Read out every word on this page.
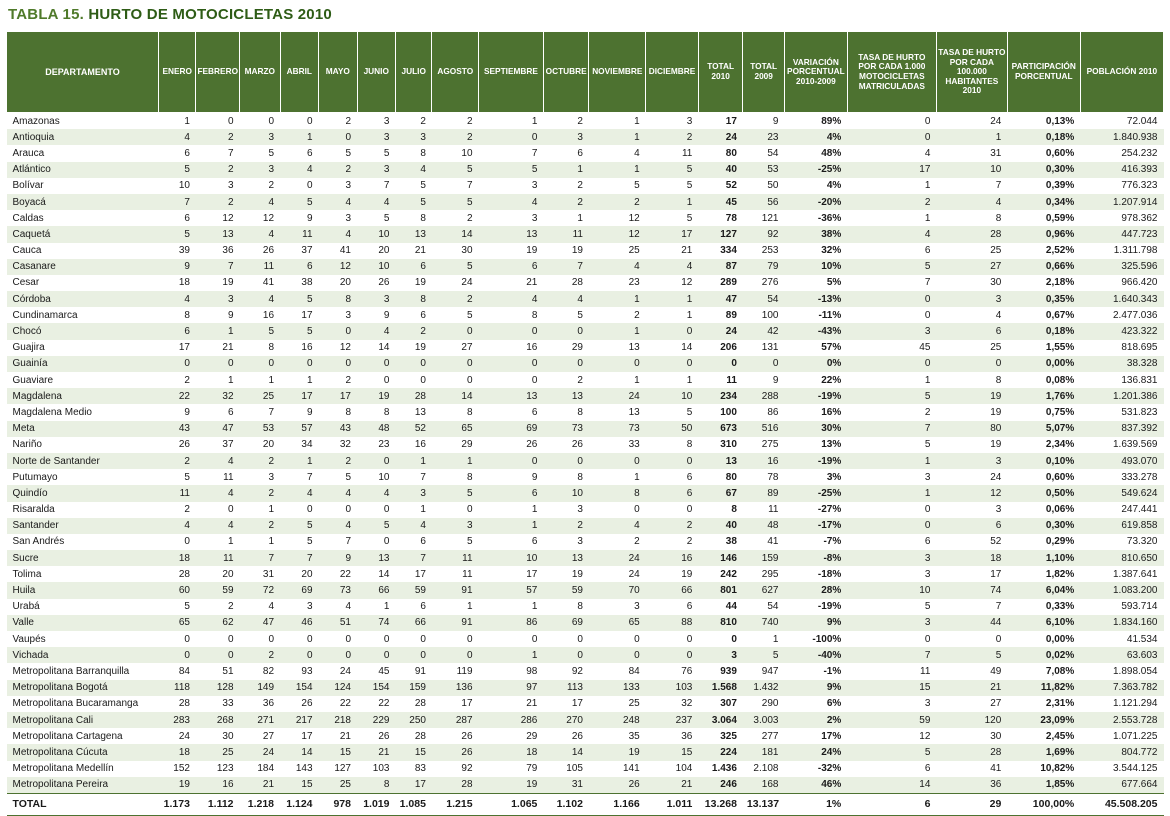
TABLA 15. HURTO DE MOTOCICLETAS 2010
DEPARTAMENTO	ENERO	FEBRERO	MARZO	ABRIL	MAYO	JUNIO	JULIO	AGOSTO	SEPTIEMBRE	OCTUBRE	NOVIEMBRE	DICIEMBRE	TOTAL 2010	TOTAL 2009	VARIACIÓN PORCENTUAL 2010-2009	TASA DE HURTO POR CADA 1.000 MOTOCICLETAS MATRICULADAS	TASA DE HURTO POR CADA 100.000 HABITANTES 2010	PARTICIPACIÓN PORCENTUAL	POBLACIÓN 2010
Amazonas	1	0	0	0	2	3	2	2	1	2	1	3	17	9	89%	0	24	0,13%	72.044
Antioquia	4	2	3	1	0	3	3	2	0	3	1	2	24	23	4%	0	1	0,18%	1.840.938
Arauca	6	7	5	6	5	5	8	10	7	6	4	11	80	54	48%	4	31	0,60%	254.232
Atlántico	5	2	3	4	2	3	4	5	5	1	1	5	40	53	-25%	17	10	0,30%	416.393
Bolívar	10	3	2	0	3	7	5	7	3	2	5	5	52	50	4%	1	7	0,39%	776.323
Boyacá	7	2	4	5	4	4	5	5	4	2	2	1	45	56	-20%	2	4	0,34%	1.207.914
Caldas	6	12	12	9	3	5	8	2	3	1	12	5	78	121	-36%	1	8	0,59%	978.362
Caquetá	5	13	4	11	4	10	13	14	13	11	12	17	127	92	38%	4	28	0,96%	447.723
Cauca	39	36	26	37	41	20	21	30	19	19	25	21	334	253	32%	6	25	2,52%	1.311.798
Casanare	9	7	11	6	12	10	6	5	6	7	4	4	87	79	10%	5	27	0,66%	325.596
Cesar	18	19	41	38	20	26	19	24	21	28	23	12	289	276	5%	7	30	2,18%	966.420
Córdoba	4	3	4	5	8	3	8	2	4	4	1	1	47	54	-13%	0	3	0,35%	1.640.343
Cundinamarca	8	9	16	17	3	9	6	5	8	5	2	1	89	100	-11%	0	4	0,67%	2.477.036
Chocó	6	1	5	5	0	4	2	0	0	0	1	0	24	42	-43%	3	6	0,18%	423.322
Guajira	17	21	8	16	12	14	19	27	16	29	13	14	206	131	57%	45	25	1,55%	818.695
Guainía	0	0	0	0	0	0	0	0	0	0	0	0	0	0	0%	0	0	0,00%	38.328
Guaviare	2	1	1	1	2	0	0	0	0	2	1	1	11	9	22%	1	8	0,08%	136.831
Magdalena	22	32	25	17	17	19	28	14	13	13	24	10	234	288	-19%	5	19	1,76%	1.201.386
Magdalena Medio	9	6	7	9	8	8	13	8	6	8	13	5	100	86	16%	2	19	0,75%	531.823
Meta	43	47	53	57	43	48	52	65	69	73	73	50	673	516	30%	7	80	5,07%	837.392
Nariño	26	37	20	34	32	23	16	29	26	26	33	8	310	275	13%	5	19	2,34%	1.639.569
Norte de Santander	2	4	2	1	2	0	1	1	0	0	0	0	13	16	-19%	1	3	0,10%	493.070
Putumayo	5	11	3	7	5	10	7	8	9	8	1	6	80	78	3%	3	24	0,60%	333.278
Quindío	11	4	2	4	4	4	3	5	6	10	8	6	67	89	-25%	1	12	0,50%	549.624
Risaralda	2	0	1	0	0	0	1	0	1	3	0	0	8	11	-27%	0	3	0,06%	247.441
Santander	4	4	2	5	4	5	4	3	1	2	4	2	40	48	-17%	0	6	0,30%	619.858
San Andrés	0	1	1	5	7	0	6	5	6	3	2	2	38	41	-7%	6	52	0,29%	73.320
Sucre	18	11	7	7	9	13	7	11	10	13	24	16	146	159	-8%	3	18	1,10%	810.650
Tolima	28	20	31	20	22	14	17	11	17	19	24	19	242	295	-18%	3	17	1,82%	1.387.641
Huila	60	59	72	69	73	66	59	91	57	59	70	66	801	627	28%	10	74	6,04%	1.083.200
Urabá	5	2	4	3	4	1	6	1	1	8	3	6	44	54	-19%	5	7	0,33%	593.714
Valle	65	62	47	46	51	74	66	91	86	69	65	88	810	740	9%	3	44	6,10%	1.834.160
Vaupés	0	0	0	0	0	0	0	0	0	0	0	0	0	1	-100%	0	0	0,00%	41.534
Vichada	0	0	2	0	0	0	0	0	1	0	0	0	3	5	-40%	7	5	0,02%	63.603
Metropolitana Barranquilla	84	51	82	93	24	45	91	119	98	92	84	76	939	947	-1%	11	49	7,08%	1.898.054
Metropolitana Bogotá	118	128	149	154	124	154	159	136	97	113	133	103	1.568	1.432	9%	15	21	11,82%	7.363.782
Metropolitana Bucaramanga	28	33	36	26	22	22	28	17	21	17	25	32	307	290	6%	3	27	2,31%	1.121.294
Metropolitana Cali	283	268	271	217	218	229	250	287	286	270	248	237	3.064	3.003	2%	59	120	23,09%	2.553.728
Metropolitana Cartagena	24	30	27	17	21	26	28	26	29	26	35	36	325	277	17%	12	30	2,45%	1.071.225
Metropolitana Cúcuta	18	25	24	14	15	21	15	26	18	14	19	15	224	181	24%	5	28	1,69%	804.772
Metropolitana Medellín	152	123	184	143	127	103	83	92	79	105	141	104	1.436	2.108	-32%	6	41	10,82%	3.544.125
Metropolitana Pereira	19	16	21	15	25	8	17	28	19	31	26	21	246	168	46%	14	36	1,85%	677.664
TOTAL	1.173	1.112	1.218	1.124	978	1.019	1.085	1.215	1.065	1.102	1.166	1.011	13.268	13.137	1%	6	29	100,00%	45.508.205
